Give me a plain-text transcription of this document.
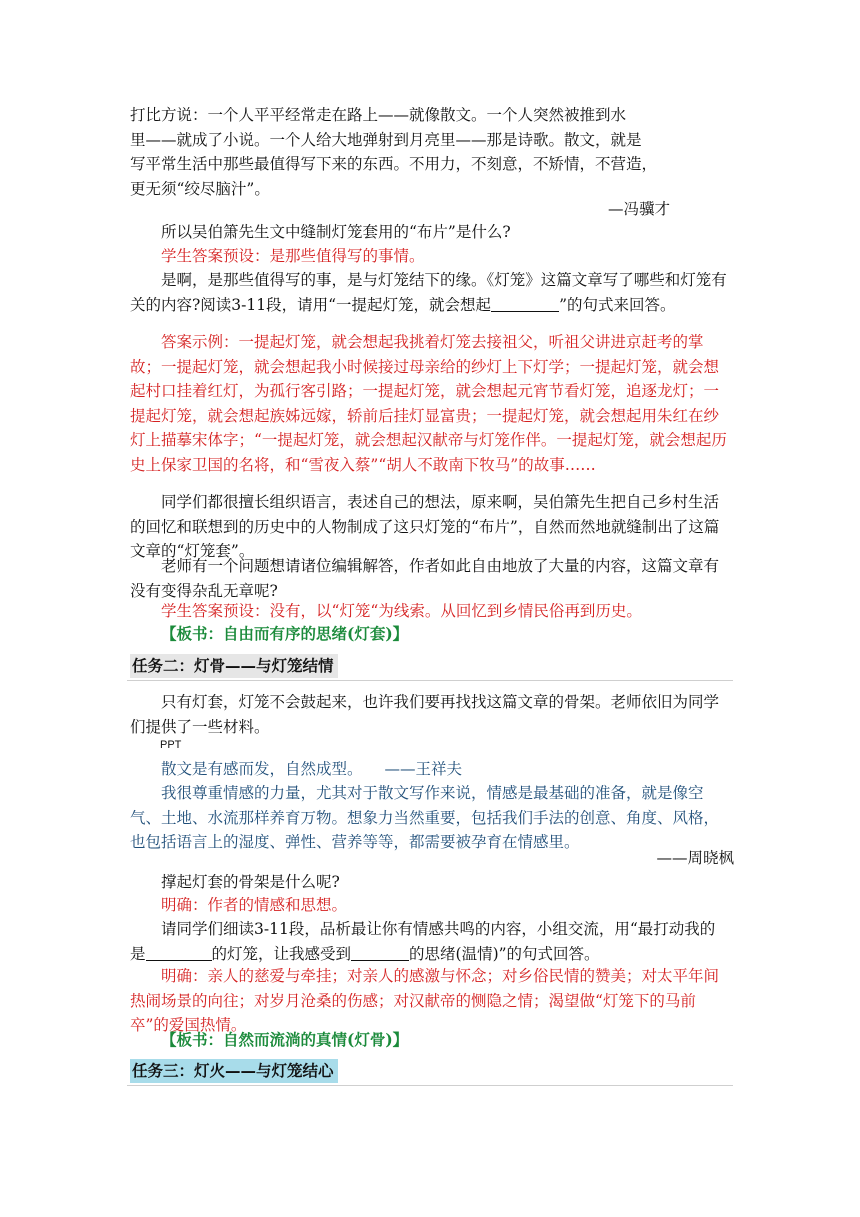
打比方说：一个人平平经常走在路上——就像散文。一个人突然被推到水
里——就成了小说。一个人给大地弹射到月亮里——那是诗歌。散文，就是
写平常生活中那些最值得写下来的东西。不用力，不刻意，不矫情，不营造，
更无须“绞尽脑汁”。
—冯骥才
所以吴伯箫先生文中缝制灯笼套用的“布片”是什么?
学生答案预设：是那些值得写的事情。
是啊，是那些值得写的事，是与灯笼结下的缘。《灯笼》这篇文章写了哪些和灯笼有关的内容?阅读3-11段，请用“一提起灯笼，就会想起	”的句式来回答。
答案示例：一提起灯笼，就会想起我挑着灯笼去接祖父，听祖父讲进京赶考的掌故；一提起灯笼，就会想起我小时候接过母亲给的纱灯上下灯学；一提起灯笼，就会想起村口挂着红灯，为孤行客引路；一提起灯笼，就会想起元宵节看灯笼，追逐龙灯；一提起灯笼，就会想起族姊远嫁，轿前后挂灯显富贵；一提起灯笼，就会想起用朱红在纱灯上描摹宋体字；“一提起灯笼，就会想起汉献帝与灯笼作伴。一提起灯笼，就会想起历史上保家卫国的名将，和“雪夜入蔡”“胡人不敢南下牧马”的故事……
同学们都很擅长组织语言，表述自己的想法，原来啊，吴伯箫先生把自己乡村生活的回忆和联想到的历史中的人物制成了这只灯笼的“布片”，自然而然地就缝制出了这篇文章的“灯笼套”。
老师有一个问题想请诸位编辑解答，作者如此自由地放了大量的内容，这篇文章有没有变得杂乱无章呢?
学生答案预设：没有，以“灯笼“为线索。从回忆到乡情民俗再到历史。
【板书：自由而有序的思绪(灯套)】
任务二：灯骨——与灯笼结情
只有灯套，灯笼不会鼓起来，也许我们要再找找这篇文章的骨架。老师依旧为同学们提供了一些材料。
PPT
散文是有感而发，自然成型。 ——王祥夫
我很尊重情感的力量，尤其对于散文写作来说，情感是最基础的准备，就是像空气、土地、水流那样养育万物。想象力当然重要，包括我们手法的创意、角度、风格，也包括语言上的湿度、弹性、营养等等，都需要被孕育在情感里。
——周晓枫
撑起灯套的骨架是什么呢?
明确：作者的情感和思想。
请同学们细读3-11段，品析最让你有情感共鸣的内容，小组交流，用“最打动我的是	的灯笼，让我感受到	的思绪(温情)”的句式回答。
明确：亲人的慈爱与牵挂；对亲人的感激与怀念；对乡俗民情的赞美；对太平年间热闹场景的向往；对岁月沧桑的伤感；对汉献帝的恻隐之情；渴望做“灯笼下的马前卒”的爱国热情。
【板书：自然而流淌的真情(灯骨)】
任务三：灯火——与灯笼结心
